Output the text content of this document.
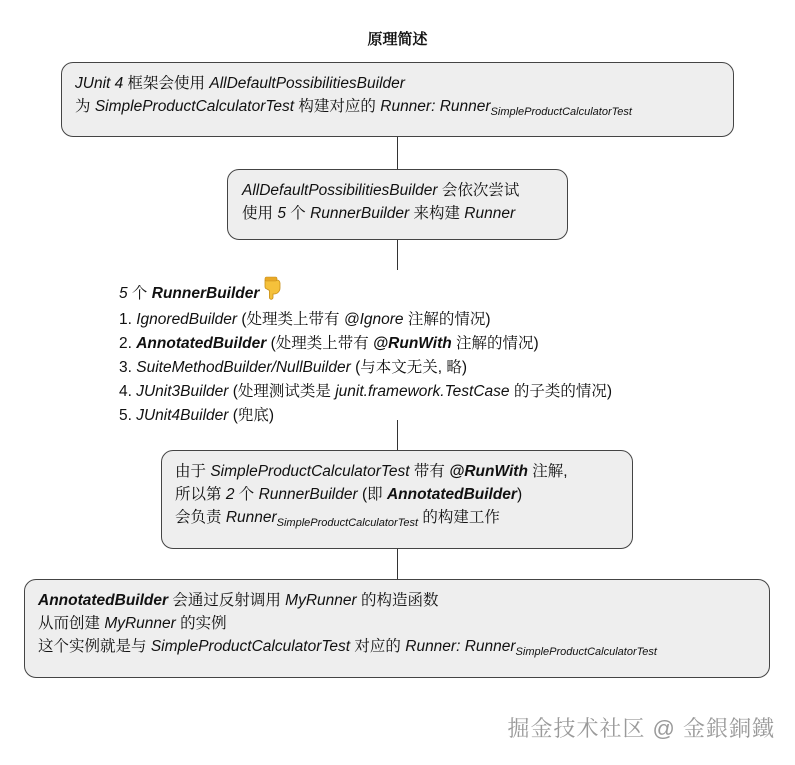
原理简述
JUnit 4 框架会使用 AllDefaultPossibilitiesBuilder
为 SimpleProductCalculatorTest 构建对应的 Runner: Runner$_{SimpleProductCalculatorTest}$
AllDefaultPossibilitiesBuilder 会依次尝试
使用 5 个 RunnerBuilder 来构建 Runner
5 个 RunnerBuilder
1. IgnoredBuilder (处理类上带有 @Ignore 注解的情况)
2. AnnotatedBuilder (处理类上带有 @RunWith 注解的情况)
3. SuiteMethodBuilder/NullBuilder (与本文无关, 略)
4. JUnit3Builder (处理测试类是 junit.framework.TestCase 的子类的情况)
5. JUnit4Builder (兜底)
由于 SimpleProductCalculatorTest 带有 @RunWith 注解,
所以第 2 个 RunnerBuilder (即 AnnotatedBuilder)
会负责 Runner$_{SimpleProductCalculatorTest}$ 的构建工作
AnnotatedBuilder 会通过反射调用 MyRunner 的构造函数
从而创建 MyRunner 的实例
这个实例就是与 SimpleProductCalculatorTest 对应的 Runner: Runner$_{SimpleProductCalculatorTest}$
掘金技术社区 @ 金銀銅鐵
